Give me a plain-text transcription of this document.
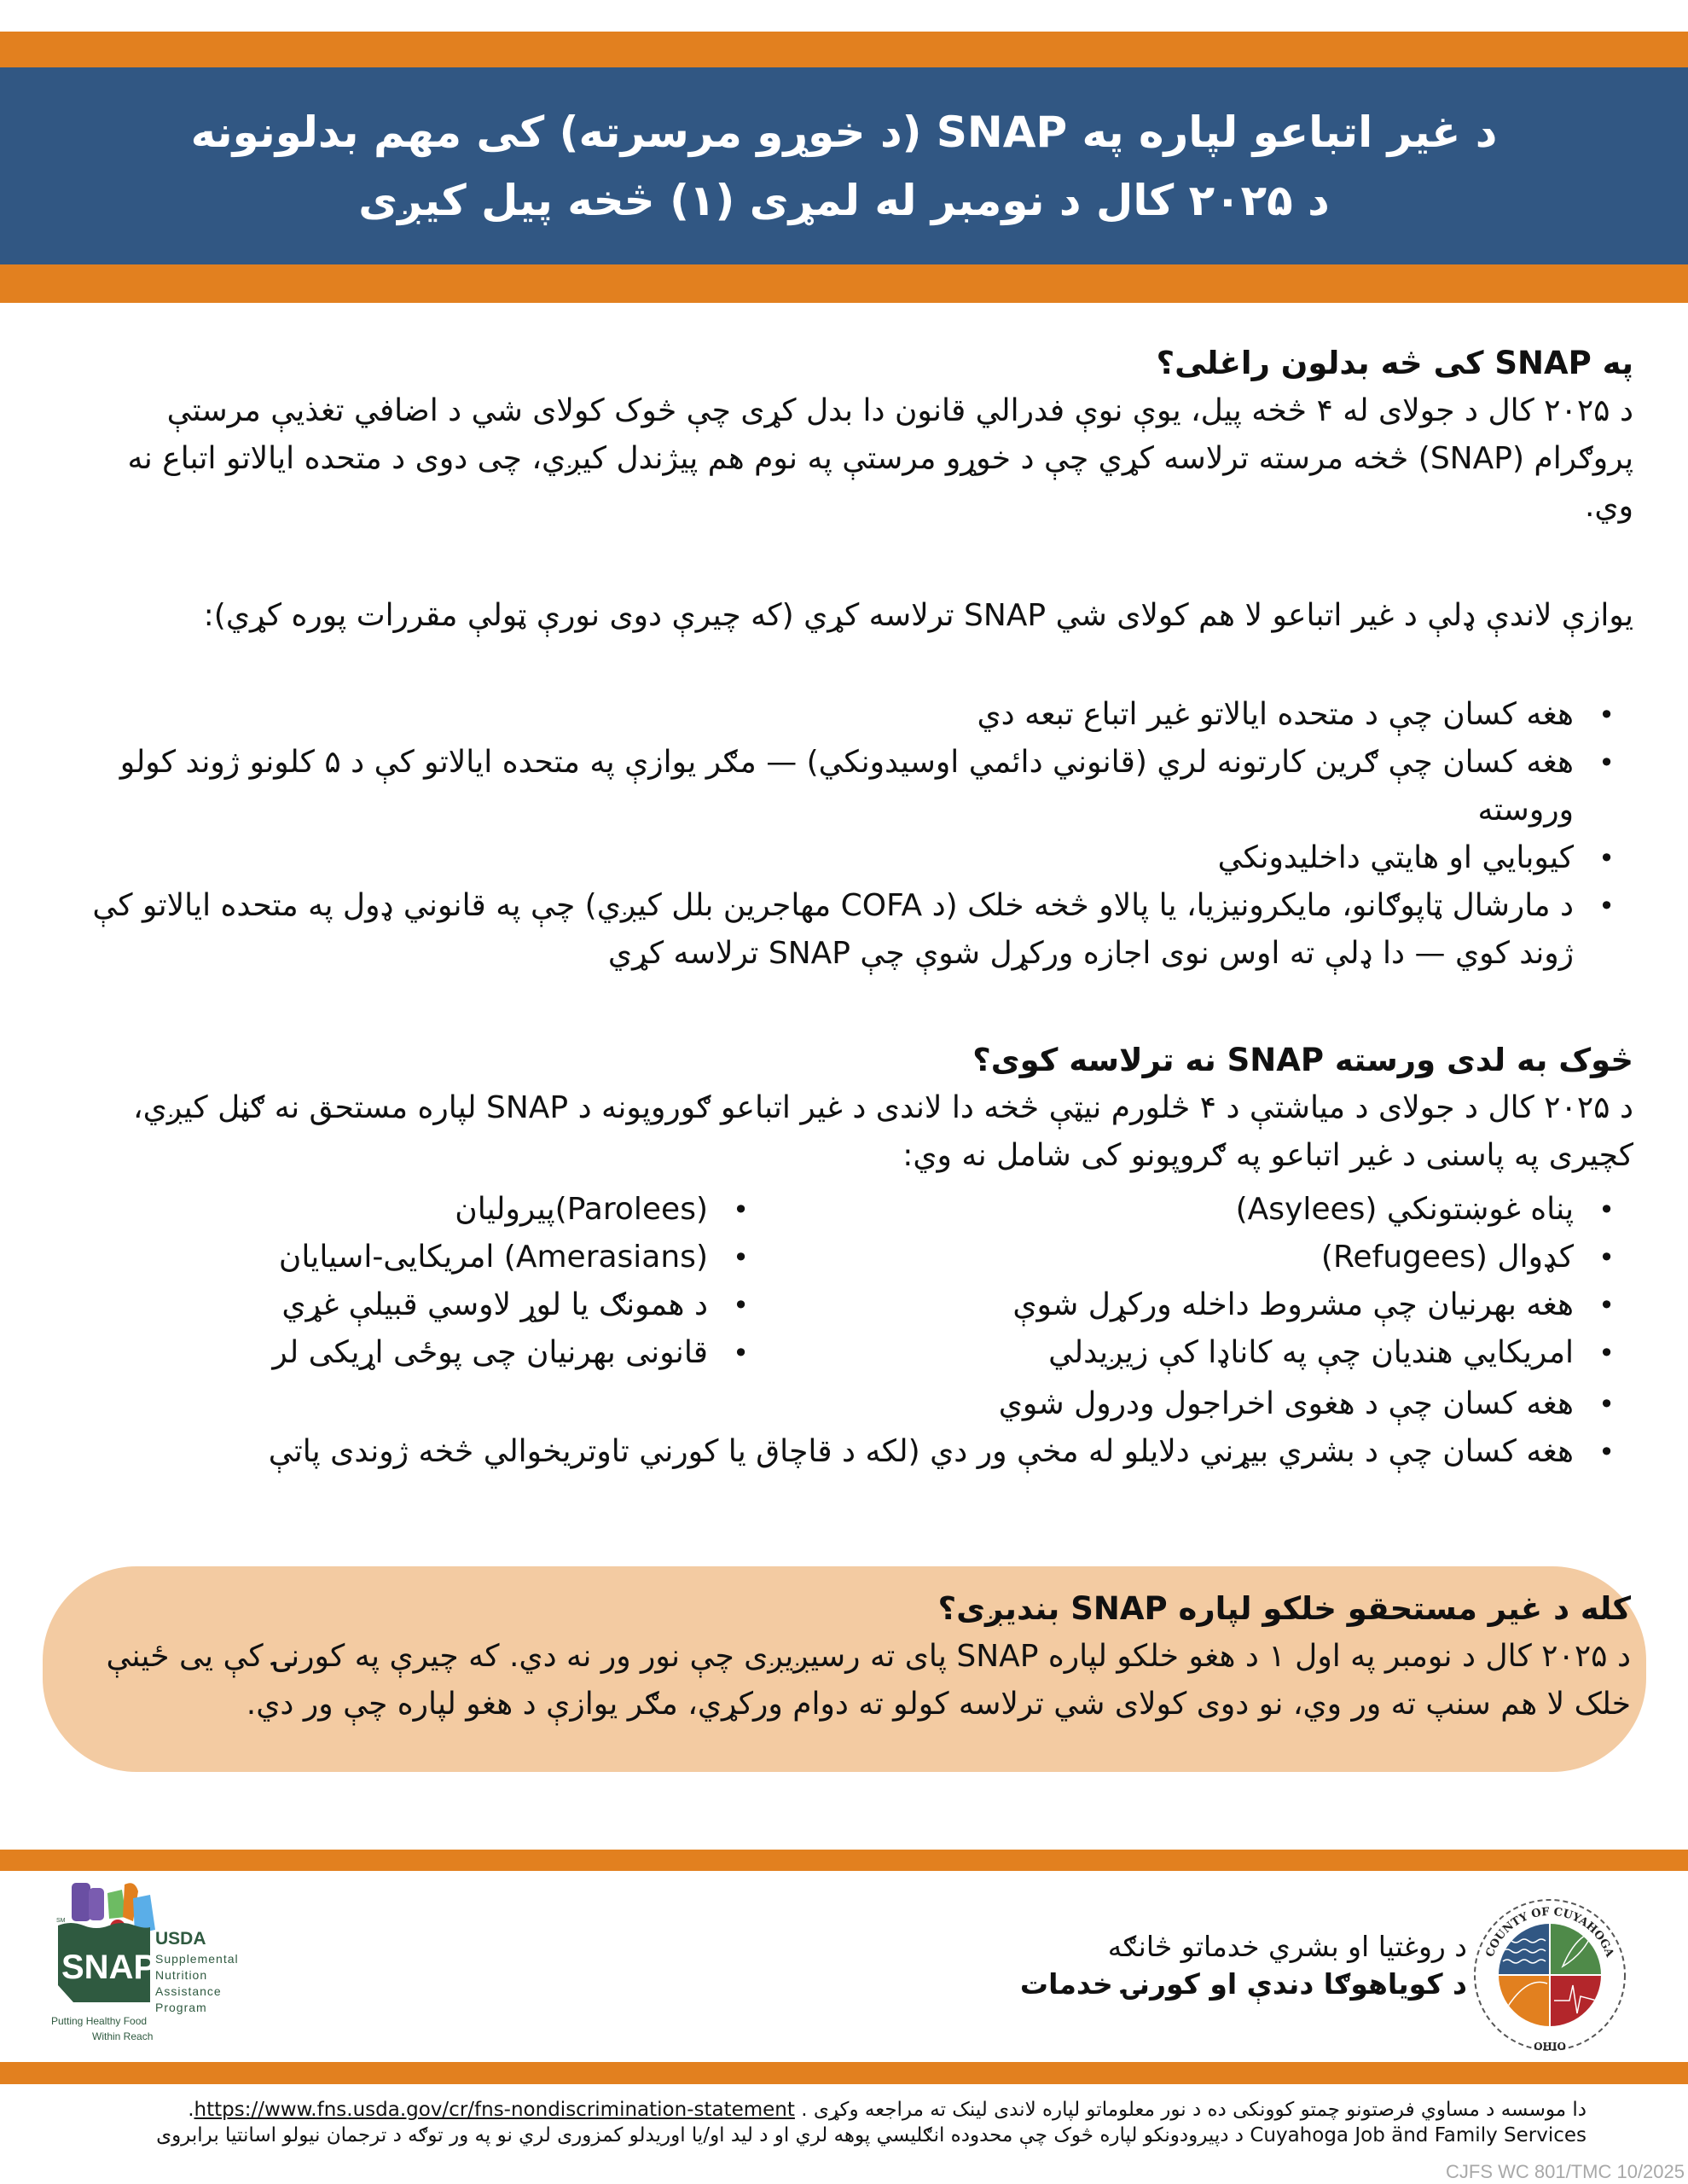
د غیر اتباعو لپاره په SNAP (د خوړو مرسرته) کی مهم بدلونونه
د ۲۰۲۵ کال د نومبر له لمړی (۱) څخه پیل کیږی
په SNAP کی څه بدلون راغلی؟

د ۲۰۲۵ کال د جولای له ۴ څخه پیل، یوې نوې فدرالي قانون دا بدل کړی چې څوک کولای شي د اضافي تغذیې مرستې پروګرام (SNAP) څخه مرسته ترلاسه کړي چې د خوړو مرستې په نوم هم پیژندل کیږي، چی دوی د متحده ایالاتو اتباع نه وي.

یوازې لاندې ډلې د غیر اتباعو لا هم کولای شي SNAP ترلاسه کړي (که چیرې دوی نورې ټولې مقررات پوره کړي):

• هغه کسان چې د متحده ایالاتو غیر اتباع تبعه دي
• هغه کسان چې ګرین کارتونه لري (قانوني دائمي اوسیدونکي) — مګر یوازې په متحده ایالاتو کې د ۵ کلونو ژوند کولو وروسته
• کیوبایي او هایتي داخلیدونکي
• د مارشال ټاپوګانو، مایکرونیزیا، یا پالاو څخه خلک (د COFA مهاجرین بلل کیږي) چې په قانوني ډول په متحده ایالاتو کې ژوند کوي — دا ډلې ته اوس نوی اجازه ورکړل شوې چې SNAP ترلاسه کړي
څوک به لدی ورسته SNAP نه ترلاسه کوی؟

د ۲۰۲۵ کال د جولای د میاشتې د ۴ څلورم نیټې څخه دا لاندی د غیر اتباعو ګوروپونه د SNAP لپاره مستحق نه ګڼل کیږي، کچیری په پاسنی د غیر اتباعو په ګروپونو کی شامل نه وي:

• پناه غوښتونکي (Asylees)
• کډوال (Refugees)
• هغه بهرنیان چې مشروط داخله ورکړل شوې
• امریکایي هندیان چې په کاناډا کې زیږیدلي
• (Parolees)پیرولیان
• (Amerasians) امریکایی-اسیایان
• د همونګ یا لوړ لاوسي قبیلې غړي
• قانونی بهرنیان چی پوځی اړیکی لر
• هغه کسان چې د هغوی اخراجول ودرول شوي
• هغه کسان چې د بشري بیړني دلایلو له مخې ور دي (لکه د قاچاق یا کورني تاوتریخوالي څخه ژوندی پاتې
کله د غیر مستحقو خلکو لپاره SNAP بندیږی؟

د ۲۰۲۵ کال د نومبر په اول ۱ د هغو خلکو لپاره SNAP پای ته رسیږیږی چې نور ور نه دي. که چیرې په کورنۍ کې یی ځینې خلک لا هم سنپ ته ور وي، نو دوی کولای شي ترلاسه کولو ته دوام ورکړي، مګر یوازې د هغو لپاره چې ور دي.

SM
SNAP
USDA
Supplemental
Nutrition
Assistance
Program
Putting Healthy Food
Within Reach
د روغتیا او بشري خدماتو څانګه
د کویاهوګا دندې او کورنۍ خدمات
COUNTY OF CUYAHOGA
OHIO
دا موسسه د مساوي فرصتونو چمتو کوونکی ده د نور معلوماتو لپاره لاندی لینک ته مراجعه وکړی . https://www.fns.usda.gov/cr/fns-nondiscrimination-statement.
Cuyahoga Job änd Family Services د دپیرودونکو لپاره څوک چې محدوده انګلیسي پوهه لري او د لید او/یا اوریدلو کمزوری لري نو په ور توګه د ترجمان نیولو اسانتیا برابروی
CJFS WC 801/TMC 10/2025
